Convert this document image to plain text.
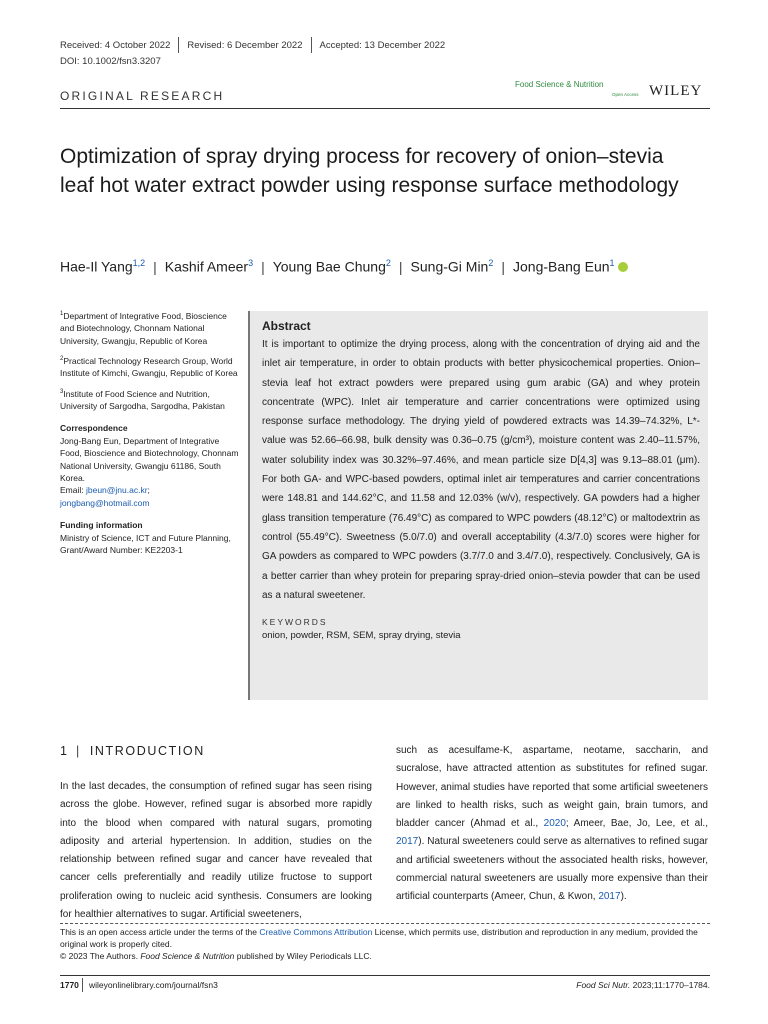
Received: 4 October 2022 Revised: 6 December 2022 Accepted: 13 December 2022
DOI: 10.1002/fsn3.3207
ORIGINAL RESEARCH
Food Science & Nutrition
Open Access WILEY
Optimization of spray drying process for recovery of onion–stevia leaf hot water extract powder using response surface methodology
Hae-Il Yang$^{1,2}$ | Kashif Ameer$^3$ | Young Bae Chung$^2$ | Sung-Gi Min$^2$ | Jong-Bang Eun$^1$
$^1$Department of Integrative Food, Bioscience and Biotechnology, Chonnam National University, Gwangju, Republic of Korea
$^2$Practical Technology Research Group, World Institute of Kimchi, Gwangju, Republic of Korea
$^3$Institute of Food Science and Nutrition, University of Sargodha, Sargodha, Pakistan
Correspondence
Jong-Bang Eun, Department of Integrative Food, Bioscience and Biotechnology, Chonnam National University, Gwangju 61186, South Korea.
Email: jbeun@jnu.ac.kr; jongbang@hotmail.com
Funding information
Ministry of Science, ICT and Future Planning, Grant/Award Number: KE2203-1
Abstract
It is important to optimize the drying process, along with the concentration of drying aid and the inlet air temperature, in order to obtain products with better physicochemical properties. Onion–stevia leaf hot extract powders were prepared using gum arabic (GA) and whey protein concentrate (WPC). Inlet air temperature and carrier concentrations were optimized using response surface methodology. The drying yield of powdered extracts was 14.39–74.32%, L*- value was 52.66–66.98, bulk density was 0.36–0.75 (g/cm³), moisture content was 2.40–11.57%, water solubility index was 30.32%–97.46%, and mean particle size D[4,3] was 9.13–88.01 (μm). For both GA- and WPC-based powders, optimal inlet air temperatures and carrier concentrations were 148.81 and 144.62°C, and 11.58 and 12.03% (w/v), respectively. GA powders had a higher glass transition temperature (76.49°C) as compared to WPC powders (48.12°C) or maltodextrin as control (55.49°C). Sweetness (5.0/7.0) and overall acceptability (4.3/7.0) scores were higher for GA powders as compared to WPC powders (3.7/7.0 and 3.4/7.0), respectively. Conclusively, GA is a better carrier than whey protein for preparing spray-dried onion–stevia powder that can be used as a natural sweetener.
KEYWORDS
onion, powder, RSM, SEM, spray drying, stevia
1 | INTRODUCTION
In the last decades, the consumption of refined sugar has seen rising across the globe. However, refined sugar is absorbed more rapidly into the blood when compared with natural sugars, promoting adiposity and arterial hypertension. In addition, studies on the relationship between refined sugar and cancer have revealed that cancer cells preferentially and readily utilize fructose to support proliferation owing to nucleic acid synthesis. Consumers are looking for healthier alternatives to sugar. Artificial sweeteners,
such as acesulfame-K, aspartame, neotame, saccharin, and sucralose, have attracted attention as substitutes for refined sugar. However, animal studies have reported that some artificial sweeteners are linked to health risks, such as weight gain, brain tumors, and bladder cancer (Ahmad et al., 2020; Ameer, Bae, Jo, Lee, et al., 2017). Natural sweeteners could serve as alternatives to refined sugar and artificial sweeteners without the associated health risks, however, commercial natural sweeteners are usually more expensive than their artificial counterparts (Ameer, Chun, & Kwon, 2017).
This is an open access article under the terms of the Creative Commons Attribution License, which permits use, distribution and reproduction in any medium, provided the original work is properly cited.
© 2023 The Authors. Food Science & Nutrition published by Wiley Periodicals LLC.
1770 wileyonlinelibrary.com/journal/fsn3	Food Sci Nutr. 2023;11:1770–1784.
